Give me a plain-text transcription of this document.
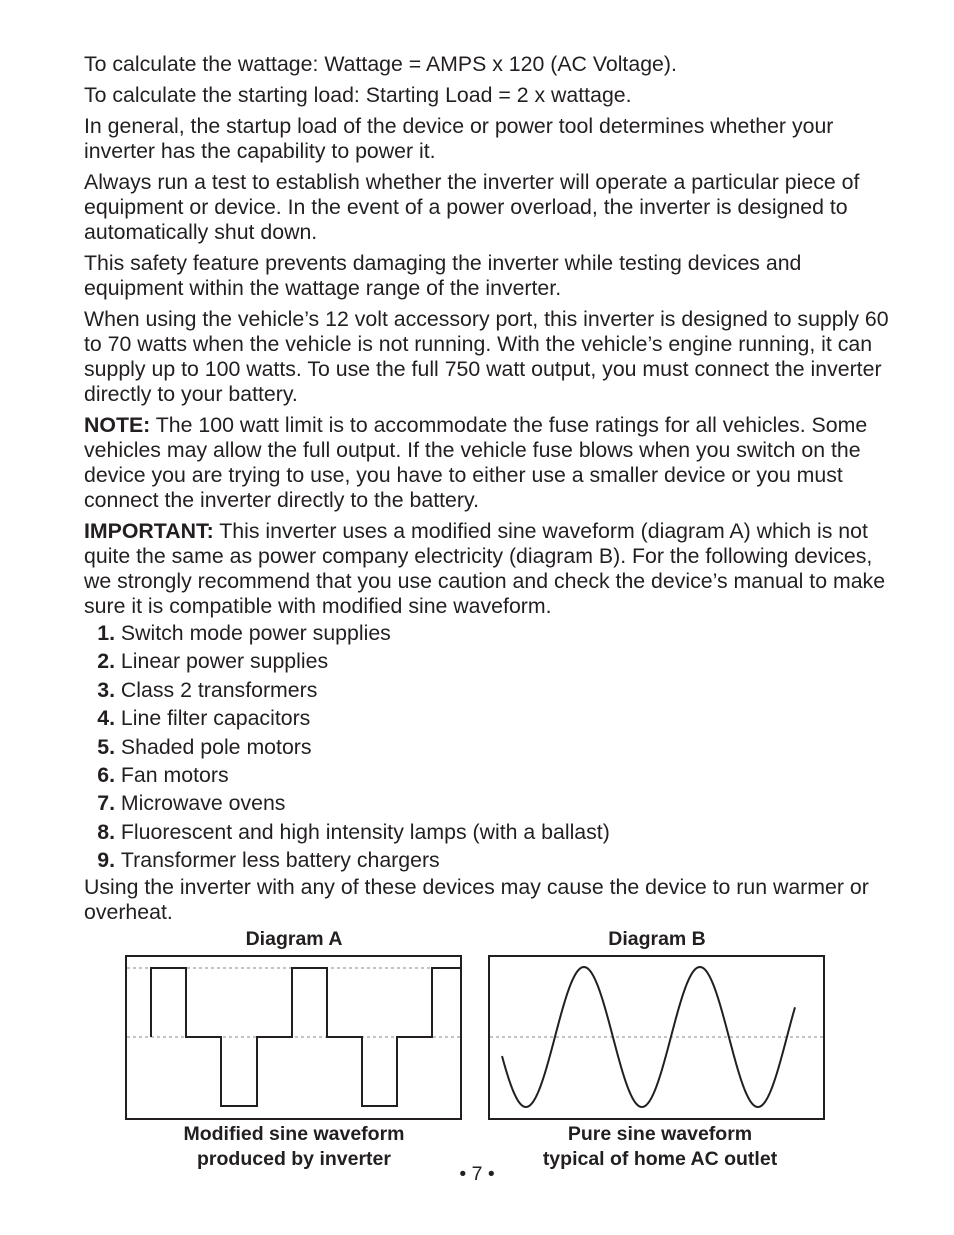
To calculate the wattage: Wattage = AMPS x 120 (AC Voltage).

To calculate the starting load: Starting Load = 2 x wattage.

In general, the startup load of the device or power tool determines whether your inverter has the capability to power it.

Always run a test to establish whether the inverter will operate a particular piece of equipment or device. In the event of a power overload, the inverter is designed to automatically shut down.

This safety feature prevents damaging the inverter while testing devices and equipment within the wattage range of the inverter.

When using the vehicle’s 12 volt accessory port, this inverter is designed to supply 60 to 70 watts when the vehicle is not running. With the vehicle’s engine running, it can supply up to 100 watts. To use the full 750 watt output, you must connect the inverter directly to your battery.

NOTE: The 100 watt limit is to accommodate the fuse ratings for all vehicles. Some vehicles may allow the full output. If the vehicle fuse blows when you switch on the device you are trying to use, you have to either use a smaller device or you must connect the inverter directly to the battery.

IMPORTANT: This inverter uses a modified sine waveform (diagram A) which is not quite the same as power company electricity (diagram B). For the following devices, we strongly recommend that you use caution and check the device’s manual to make sure it is compatible with modified sine waveform.

1.
Switch mode power supplies
2.
Linear power supplies
3.
Class 2 transformers
4.
Line filter capacitors
5.
Shaded pole motors
6.
Fan motors
7.
Microwave ovens
8.
Fluorescent and high intensity lamps (with a ballast)
9.
Transformer less battery chargers

Using the inverter with any of these devices may cause the device to run warmer or overheat.

Diagram A
Modified sine waveform
produced by inverter
Diagram B
Pure sine waveform
typical of home AC outlet
• 7 •
